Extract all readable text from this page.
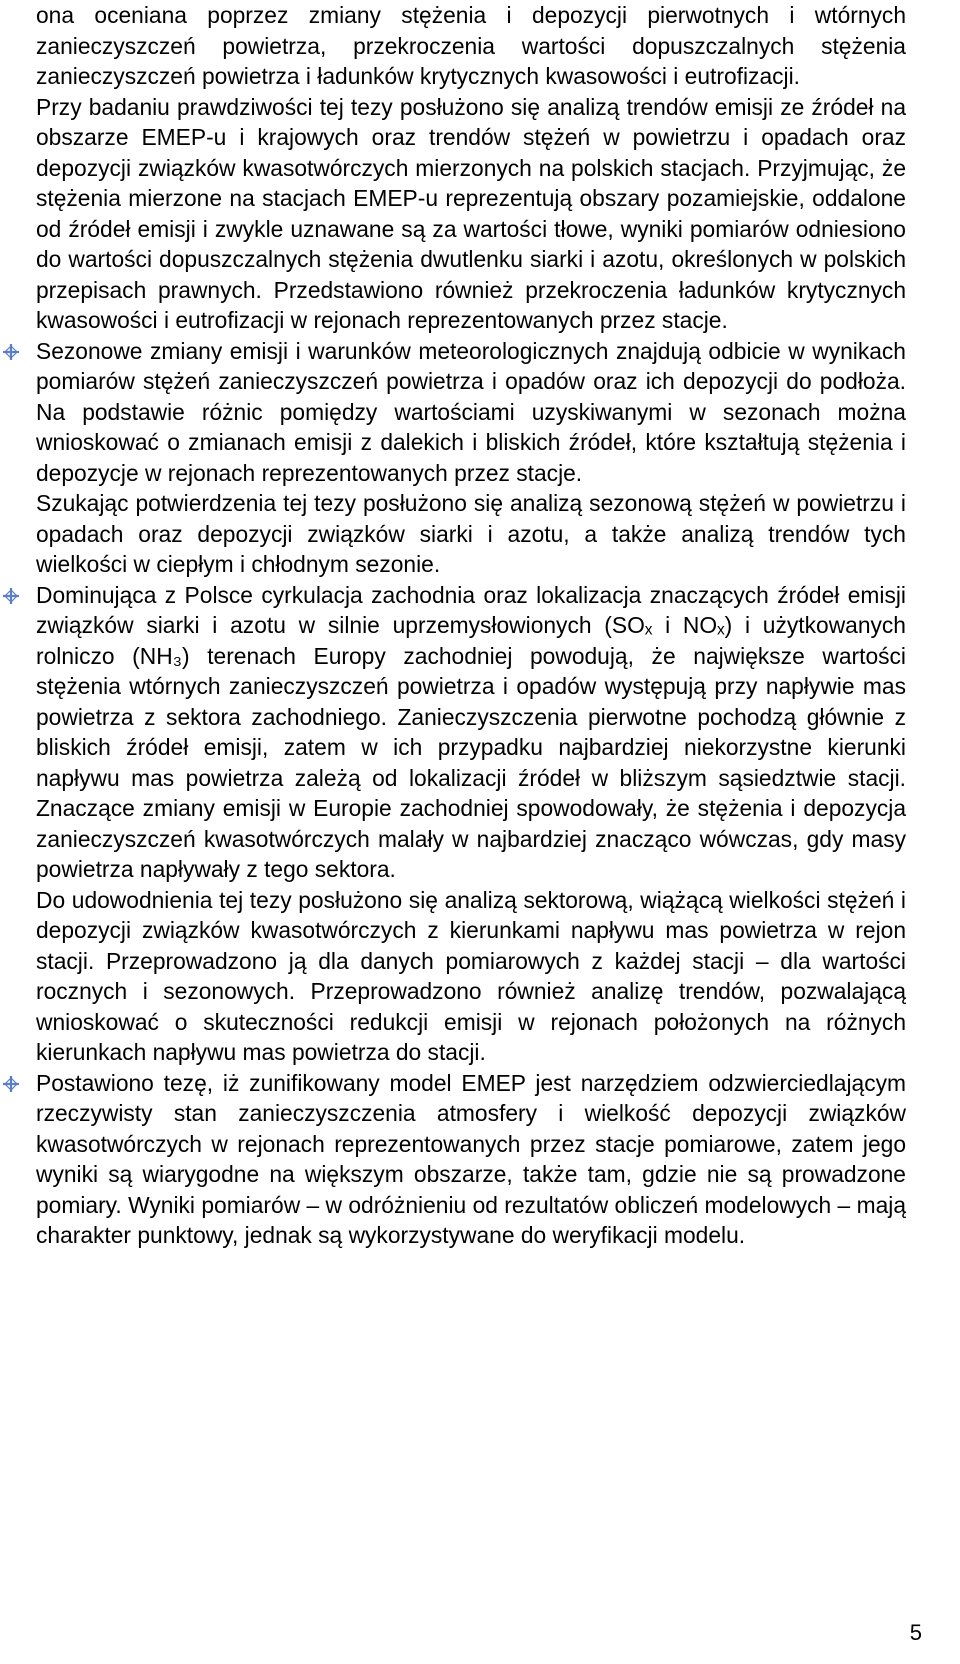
ona oceniana poprzez zmiany stężenia i depozycji pierwotnych i wtórnych zanieczyszczeń powietrza, przekroczenia wartości dopuszczalnych stężenia zanieczyszczeń powietrza i ładunków krytycznych kwasowości i eutrofizacji.

Przy badaniu prawdziwości tej tezy posłużono się analizą trendów emisji ze źródeł na obszarze EMEP-u i krajowych oraz trendów stężeń w powietrzu i opadach oraz depozycji związków kwasotwórczych mierzonych na polskich stacjach. Przyjmując, że stężenia mierzone na stacjach EMEP-u reprezentują obszary pozamiejskie, oddalone od źródeł emisji i zwykle uznawane są za wartości tłowe, wyniki pomiarów odniesiono do wartości dopuszczalnych stężenia dwutlenku siarki i azotu, określonych w polskich przepisach prawnych. Przedstawiono również przekroczenia ładunków krytycznych kwasowości i eutrofizacji w rejonach reprezentowanych przez stacje.

Sezonowe zmiany emisji i warunków meteorologicznych znajdują odbicie w wynikach pomiarów stężeń zanieczyszczeń powietrza i opadów oraz ich depozycji do podłoża. Na podstawie różnic pomiędzy wartościami uzyskiwanymi w sezonach można wnioskować o zmianach emisji z dalekich i bliskich źródeł, które kształtują stężenia i depozycje w rejonach reprezentowanych przez stacje.

Szukając potwierdzenia tej tezy posłużono się analizą sezonową stężeń w powietrzu i opadach oraz depozycji związków siarki i azotu, a także analizą trendów tych wielkości w ciepłym i chłodnym sezonie.

Dominująca z Polsce cyrkulacja zachodnia oraz lokalizacja znaczących źródeł emisji związków siarki i azotu w silnie uprzemysłowionych (SOₓ i NOₓ) i użytkowanych rolniczo (NH₃) terenach Europy zachodniej powodują, że największe wartości stężenia wtórnych zanieczyszczeń powietrza i opadów występują przy napływie mas powietrza z sektora zachodniego. Zanieczyszczenia pierwotne pochodzą głównie z bliskich źródeł emisji, zatem w ich przypadku najbardziej niekorzystne kierunki napływu mas powietrza zależą od lokalizacji źródeł w bliższym sąsiedztwie stacji. Znaczące zmiany emisji w Europie zachodniej spowodowały, że stężenia i depozycja zanieczyszczeń kwasotwórczych malały w najbardziej znacząco wówczas, gdy masy powietrza napływały z tego sektora.

Do udowodnienia tej tezy posłużono się analizą sektorową, wiążącą wielkości stężeń i depozycji związków kwasotwórczych z kierunkami napływu mas powietrza w rejon stacji. Przeprowadzono ją dla danych pomiarowych z każdej stacji – dla wartości rocznych i sezonowych. Przeprowadzono również analizę trendów, pozwalającą wnioskować o skuteczności redukcji emisji w rejonach położonych na różnych kierunkach napływu mas powietrza do stacji.

Postawiono tezę, iż zunifikowany model EMEP jest narzędziem odzwierciedlającym rzeczywisty stan zanieczyszczenia atmosfery i wielkość depozycji związków kwasotwórczych w rejonach reprezentowanych przez stacje pomiarowe, zatem jego wyniki są wiarygodne na większym obszarze, także tam, gdzie nie są prowadzone pomiary. Wyniki pomiarów – w odróżnieniu od rezultatów obliczeń modelowych – mają charakter punktowy, jednak są wykorzystywane do weryfikacji modelu.

5
